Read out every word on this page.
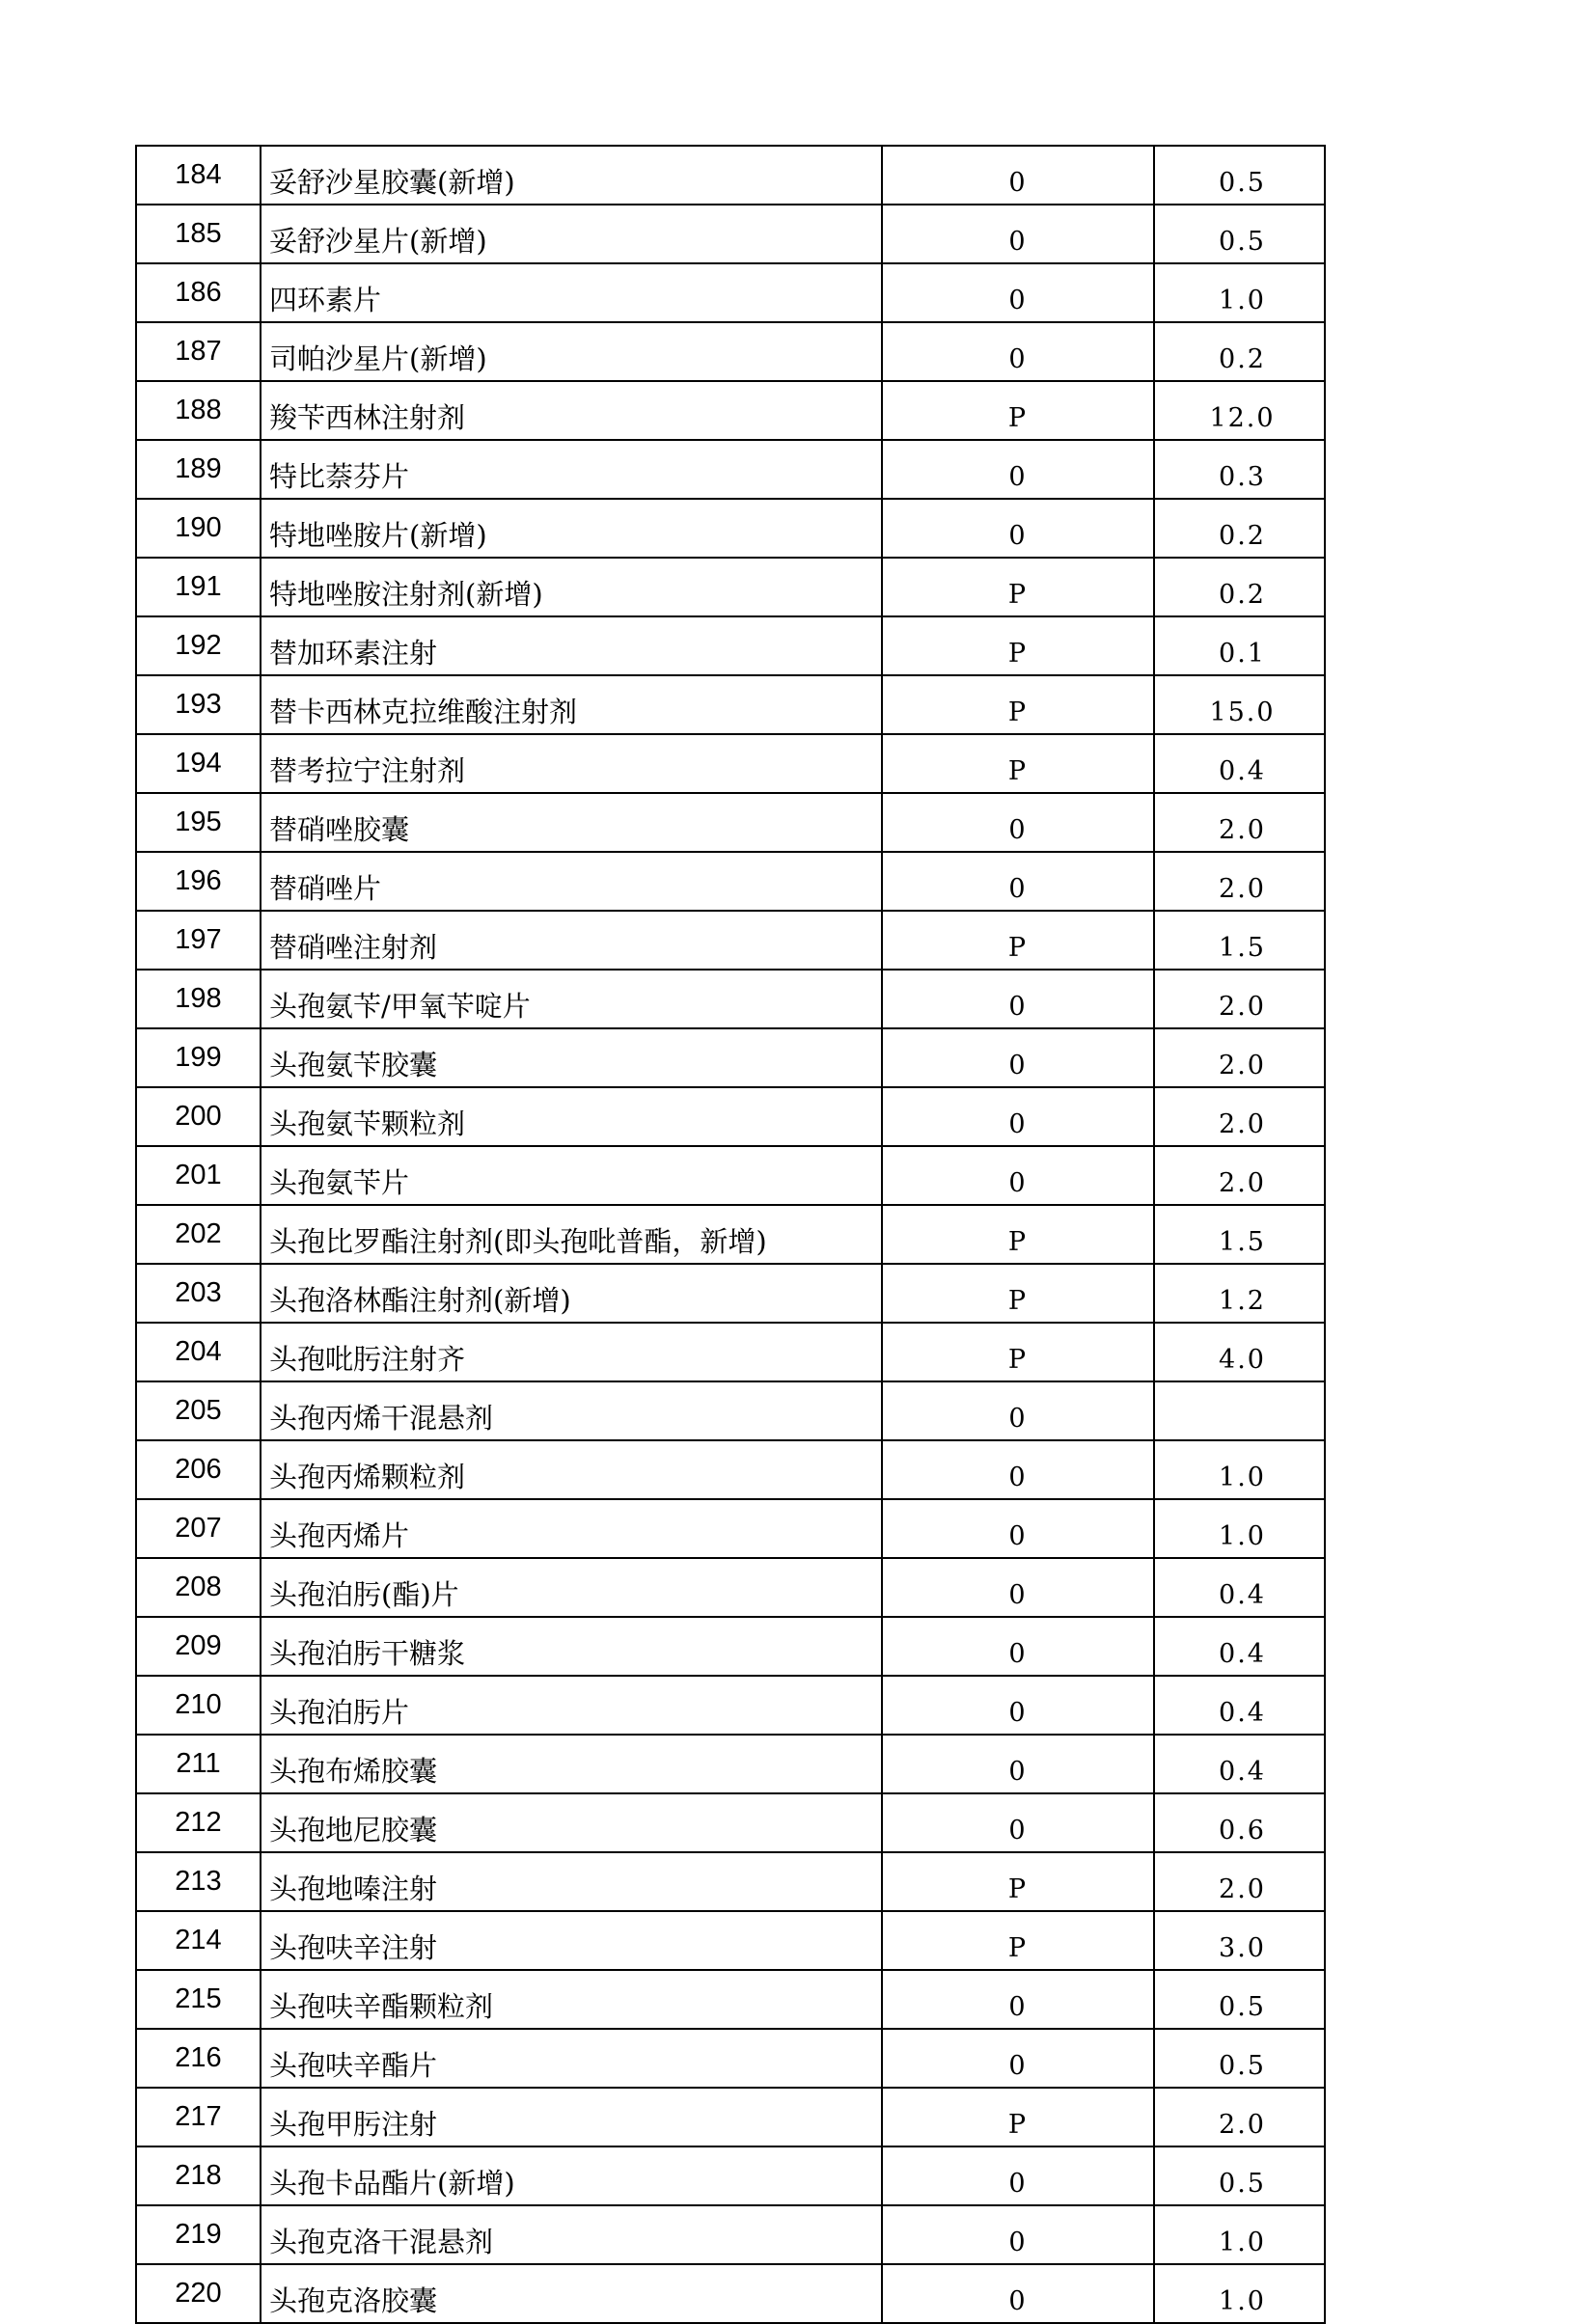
184	妥舒沙星胶囊(新增)	0	0.5
185	妥舒沙星片(新增)	0	0.5
186	四环素片	0	1.0
187	司帕沙星片(新增)	0	0.2
188	羧苄西林注射剂	P	12.0
189	特比萘芬片	0	0.3
190	特地唑胺片(新增)	0	0.2
191	特地唑胺注射剂(新增)	P	0.2
192	替加环素注射	P	0.1
193	替卡西林克拉维酸注射剂	P	15.0
194	替考拉宁注射剂	P	0.4
195	替硝唑胶囊	0	2.0
196	替硝唑片	0	2.0
197	替硝唑注射剂	P	1.5
198	头孢氨苄/甲氧苄啶片	0	2.0
199	头孢氨苄胶囊	0	2.0
200	头孢氨苄颗粒剂	0	2.0
201	头孢氨苄片	0	2.0
202	头孢比罗酯注射剂(即头孢吡普酯，新增)	P	1.5
203	头孢洛林酯注射剂(新增)	P	1.2
204	头孢吡肟注射齐	P	4.0
205	头孢丙烯干混悬剂	0	
206	头孢丙烯颗粒剂	0	1.0
207	头孢丙烯片	0	1.0
208	头孢泊肟(酯)片	0	0.4
209	头孢泊肟干糖浆	0	0.4
210	头孢泊肟片	0	0.4
211	头孢布烯胶囊	0	0.4
212	头孢地尼胶囊	0	0.6
213	头孢地嗪注射	P	2.0
214	头孢呋辛注射	P	3.0
215	头孢呋辛酯颗粒剂	0	0.5
216	头孢呋辛酯片	0	0.5
217	头孢甲肟注射	P	2.0
218	头孢卡品酯片(新增)	0	0.5
219	头孢克洛干混悬剂	0	1.0
220	头孢克洛胶囊	0	1.0
